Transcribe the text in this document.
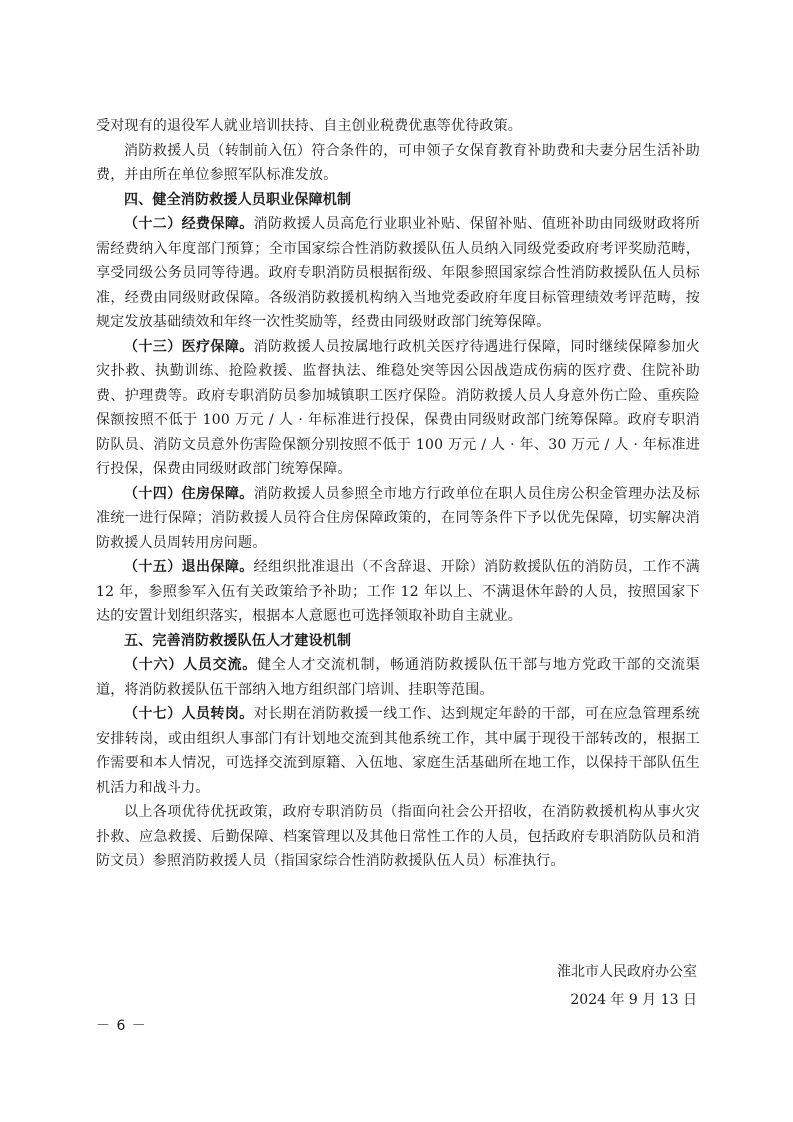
受对现有的退役军人就业培训扶持、自主创业税费优惠等优待政策。

消防救援人员（转制前入伍）符合条件的，可申领子女保育教育补助费和夫妻分居生活补助费，并由所在单位参照军队标准发放。

四、健全消防救援人员职业保障机制

（十二）经费保障。消防救援人员高危行业职业补贴、保留补贴、值班补助由同级财政将所需经费纳入年度部门预算；全市国家综合性消防救援队伍人员纳入同级党委政府考评奖励范畴，享受同级公务员同等待遇。政府专职消防员根据衔级、年限参照国家综合性消防救援队伍人员标准，经费由同级财政保障。各级消防救援机构纳入当地党委政府年度目标管理绩效考评范畴，按规定发放基础绩效和年终一次性奖励等，经费由同级财政部门统筹保障。

（十三）医疗保障。消防救援人员按属地行政机关医疗待遇进行保障，同时继续保障参加火灾扑救、执勤训练、抢险救援、监督执法、维稳处突等因公因战造成伤病的医疗费、住院补助费、护理费等。政府专职消防员参加城镇职工医疗保险。消防救援人员人身意外伤亡险、重疾险保额按照不低于 100 万元 / 人 · 年标准进行投保，保费由同级财政部门统筹保障。政府专职消防队员、消防文员意外伤害险保额分别按照不低于 100 万元 / 人 · 年、30 万元 / 人 · 年标准进行投保，保费由同级财政部门统筹保障。

（十四）住房保障。消防救援人员参照全市地方行政单位在职人员住房公积金管理办法及标准统一进行保障；消防救援人员符合住房保障政策的，在同等条件下予以优先保障，切实解决消防救援人员周转用房问题。

（十五）退出保障。经组织批准退出（不含辞退、开除）消防救援队伍的消防员，工作不满 12 年，参照参军入伍有关政策给予补助；工作 12 年以上、不满退休年龄的人员，按照国家下达的安置计划组织落实，根据本人意愿也可选择领取补助自主就业。

五、完善消防救援队伍人才建设机制

（十六）人员交流。健全人才交流机制，畅通消防救援队伍干部与地方党政干部的交流渠道，将消防救援队伍干部纳入地方组织部门培训、挂职等范围。

（十七）人员转岗。对长期在消防救援一线工作、达到规定年龄的干部，可在应急管理系统安排转岗，或由组织人事部门有计划地交流到其他系统工作，其中属于现役干部转改的，根据工作需要和本人情况，可选择交流到原籍、入伍地、家庭生活基础所在地工作，以保持干部队伍生机活力和战斗力。

以上各项优待优抚政策，政府专职消防员（指面向社会公开招收，在消防救援机构从事火灾扑救、应急救援、后勤保障、档案管理以及其他日常性工作的人员，包括政府专职消防队员和消防文员）参照消防救援人员（指国家综合性消防救援队伍人员）标准执行。

淮北市人民政府办公室
2024 年 9 月 13 日
－ 6 －
